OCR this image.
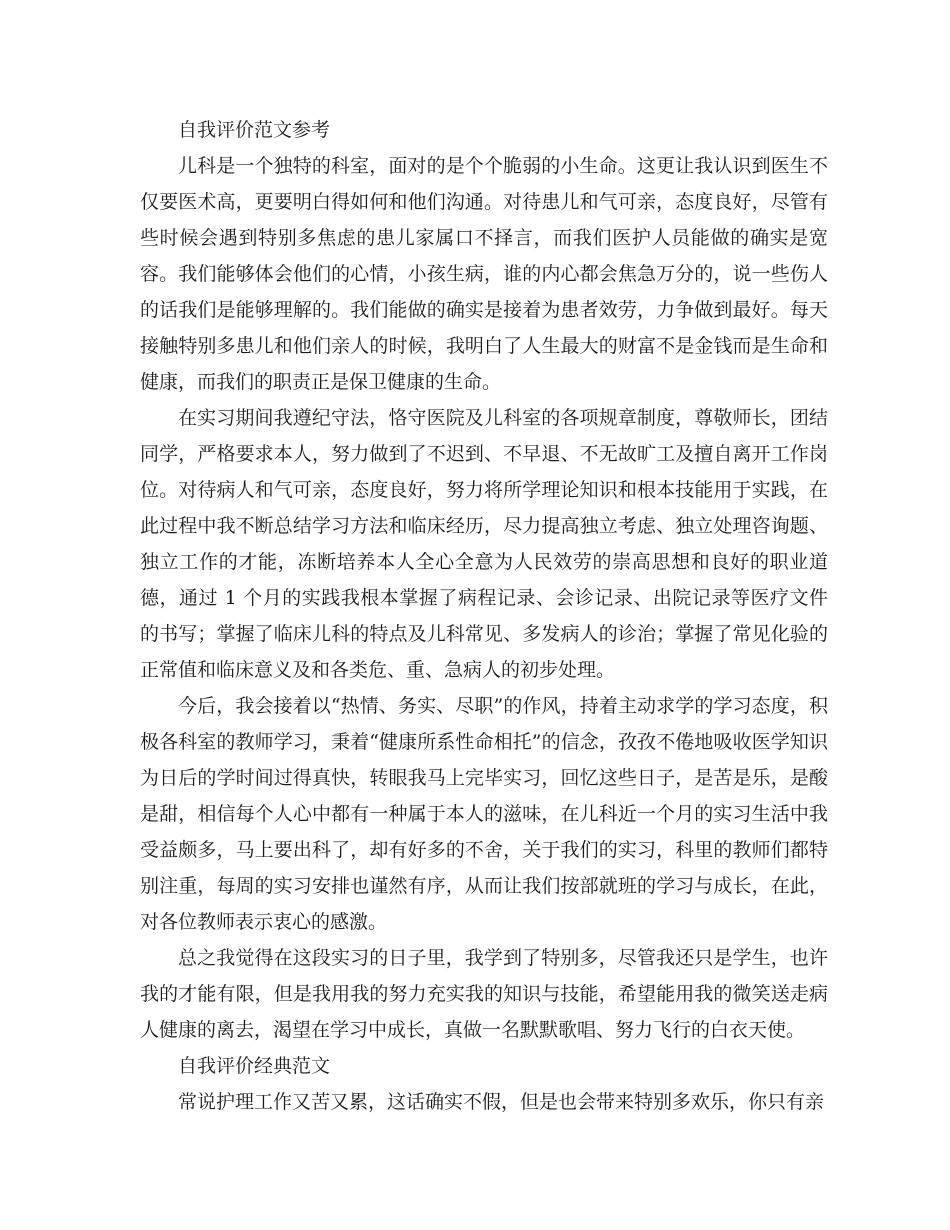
自我评价范文参考

儿科是一个独特的科室，面对的是个个脆弱的小生命。这更让我认识到医生不仅要医术高，更要明白得如何和他们沟通。对待患儿和气可亲，态度良好，尽管有些时候会遇到特别多焦虑的患儿家属口不择言，而我们医护人员能做的确实是宽容。我们能够体会他们的心情，小孩生病，谁的内心都会焦急万分的，说一些伤人的话我们是能够理解的。我们能做的确实是接着为患者效劳，力争做到最好。每天接触特别多患儿和他们亲人的时候，我明白了人生最大的财富不是金钱而是生命和健康，而我们的职责正是保卫健康的生命。

在实习期间我遵纪守法，恪守医院及儿科室的各项规章制度，尊敬师长，团结同学，严格要求本人，努力做到了不迟到、不早退、不无故旷工及擅自离开工作岗位。对待病人和气可亲，态度良好，努力将所学理论知识和根本技能用于实践，在此过程中我不断总结学习方法和临床经历，尽力提高独立考虑、独立处理咨询题、独立工作的才能，冻断培养本人全心全意为人民效劳的崇高思想和良好的职业道德，通过 1 个月的实践我根本掌握了病程记录、会诊记录、出院记录等医疗文件的书写；掌握了临床儿科的特点及儿科常见、多发病人的诊治；掌握了常见化验的正常值和临床意义及和各类危、重、急病人的初步处理。

今后，我会接着以“热情、务实、尽职”的作风，持着主动求学的学习态度，积极各科室的教师学习，秉着“健康所系性命相托”的信念，孜孜不倦地吸收医学知识为日后的学时间过得真快，转眼我马上完毕实习，回忆这些日子，是苦是乐，是酸是甜，相信每个人心中都有一种属于本人的滋味，在儿科近一个月的实习生活中我受益颇多，马上要出科了，却有好多的不舍，关于我们的实习，科里的教师们都特别注重，每周的实习安排也谨然有序，从而让我们按部就班的学习与成长，在此，对各位教师表示衷心的感激。

总之我觉得在这段实习的日子里，我学到了特别多，尽管我还只是学生，也许我的才能有限，但是我用我的努力充实我的知识与技能，希望能用我的微笑送走病人健康的离去，渴望在学习中成长，真做一名默默歌唱、努力飞行的白衣天使。

自我评价经典范文

常说护理工作又苦又累，这话确实不假，但是也会带来特别多欢乐，你只有亲
